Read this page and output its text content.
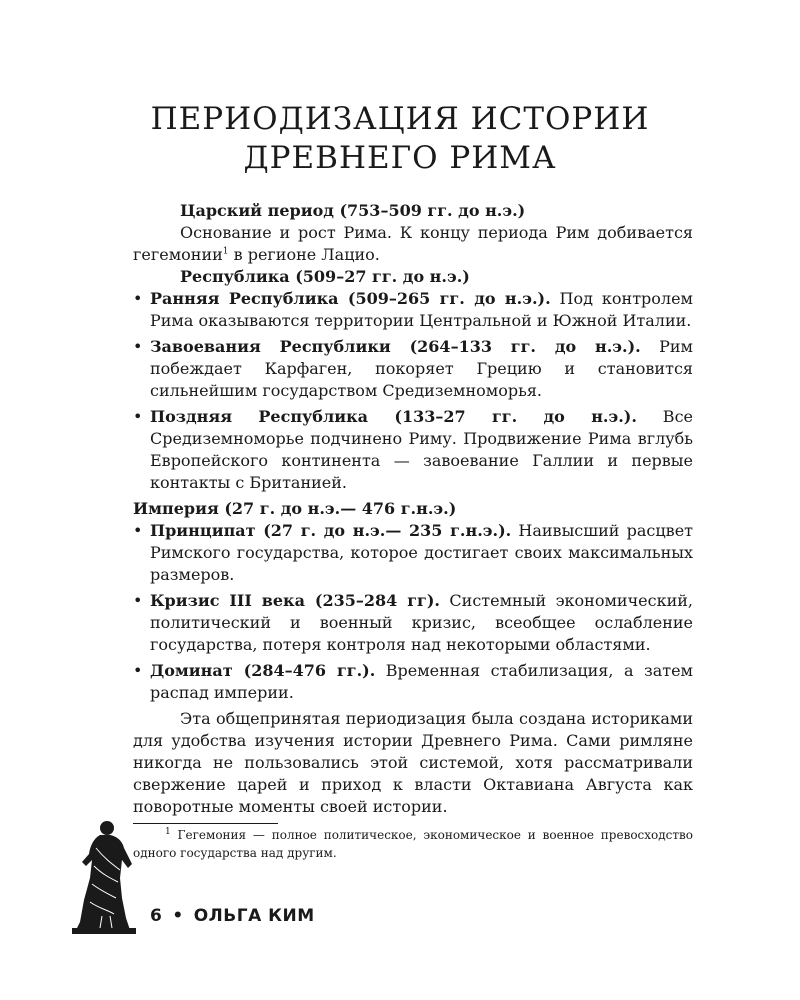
ПЕРИОДИЗАЦИЯ ИСТОРИИ
ДРЕВНЕГО РИМА

Царский период (753–509 гг. до н.э.)

Основание и рост Рима. К концу периода Рим добивается гегемонии$^1$ в регионе Лацио.

Республика (509–27 гг. до н.э.)

• Ранняя Республика (509–265 гг. до н.э.). Под контролем Рима оказываются территории Центральной и Южной Италии.
• Завоевания Республики (264–133 гг. до н.э.). Рим побеждает Карфаген, покоряет Грецию и становится сильнейшим государством Средиземноморья.
• Поздняя Республика (133–27 гг. до н.э.). Все Средиземноморье подчинено Риму. Продвижение Рима вглубь Европейского континента — завоевание Галлии и первые контакты с Британией.

Империя (27 г. до н.э.— 476 г.н.э.)

• Принципат (27 г. до н.э.— 235 г.н.э.). Наивысший расцвет Римского государства, которое достигает своих максимальных размеров.
• Кризис III века (235–284 гг). Системный экономический, политический и военный кризис, всеобщее ослабление государства, потеря контроля над некоторыми областями.
• Доминат (284–476 гг.). Временная стабилизация, а затем распад империи.

Эта общепринятая периодизация была создана историками для удобства изучения истории Древнего Рима. Сами римляне никогда не пользовались этой системой, хотя рассматривали свержение царей и приход к власти Октавиана Августа как поворотные моменты своей истории.

$^1$ Гегемония — полное политическое, экономическое и военное превосходство одного государства над другим.

6 • ОЛЬГА КИМ
